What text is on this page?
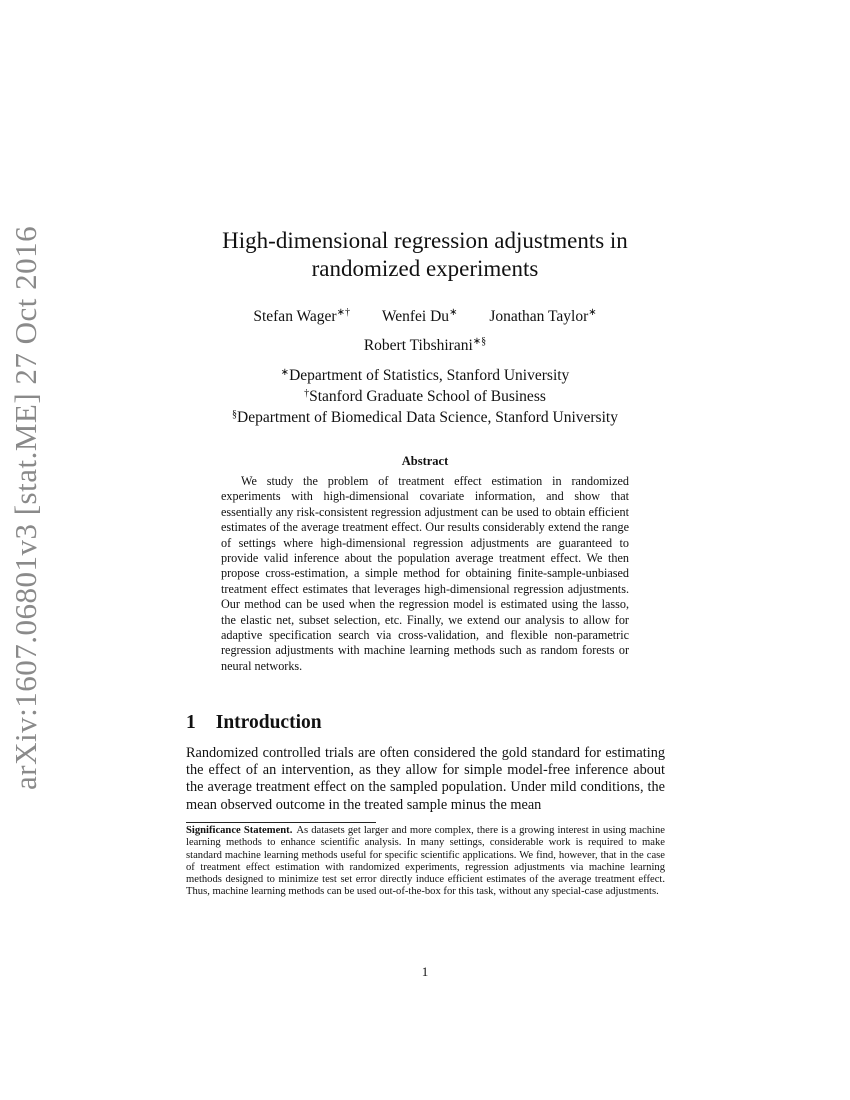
arXiv:1607.06801v3 [stat.ME] 27 Oct 2016	High-dimensional regression adjustments in
randomized experiments
Stefan Wager∗† Wenfei Du∗ Jonathan Taylor∗
Robert Tibshirani∗§
∗Department of Statistics, Stanford University
†Stanford Graduate School of Business
§Department of Biomedical Data Science, Stanford University
Abstract
We study the problem of treatment effect estimation in randomized experiments with high-dimensional covariate information, and show that essentially any risk-consistent regression adjustment can be used to obtain efficient estimates of the average treatment effect. Our results considerably extend the range of settings where high-dimensional regression adjustments are guaranteed to provide valid inference about the population average treatment effect. We then propose cross-estimation, a simple method for obtaining finite-sample-unbiased treatment effect estimates that leverages high-dimensional regression adjustments. Our method can be used when the regression model is estimated using the lasso, the elastic net, subset selection, etc. Finally, we extend our analysis to allow for adaptive specification search via cross-validation, and flexible non-parametric regression adjustments with machine learning methods such as random forests or neural networks.
1 Introduction
Randomized controlled trials are often considered the gold standard for estimating the effect of an intervention, as they allow for simple model-free inference about the average treatment effect on the sampled population. Under mild conditions, the mean observed outcome in the treated sample minus the mean
Significance Statement. As datasets get larger and more complex, there is a growing interest in using machine learning methods to enhance scientific analysis. In many settings, considerable work is required to make standard machine learning methods useful for specific scientific applications. We find, however, that in the case of treatment effect estimation with randomized experiments, regression adjustments via machine learning methods designed to minimize test set error directly induce efficient estimates of the average treatment effect. Thus, machine learning methods can be used out-of-the-box for this task, without any special-case adjustments.
1
